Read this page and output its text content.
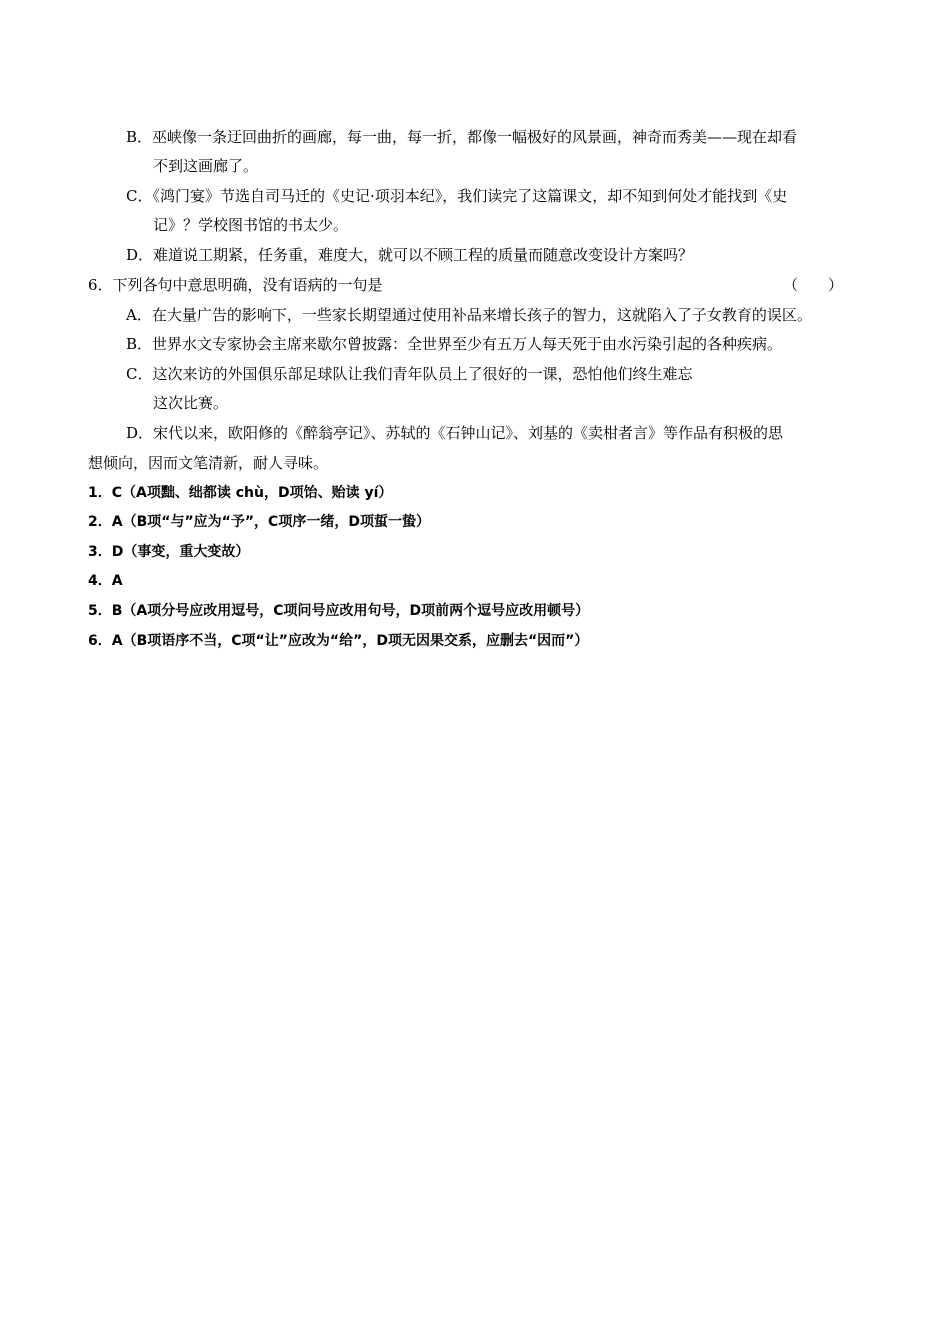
B．巫峡像一条迂回曲折的画廊，每一曲，每一折，都像一幅极好的风景画，神奇而秀美——现在却看
不到这画廊了。
C．《鸿门宴》节选自司马迁的《史记·项羽本纪》，我们读完了这篇课文，却不知到何处才能找到《史
记》？学校图书馆的书太少。
D．难道说工期紧，任务重，难度大，就可以不顾工程的质量而随意改变设计方案吗？
6．下列各句中意思明确，没有语病的一句是	（　　）
A．在大量广告的影响下，一些家长期望通过使用补品来增长孩子的智力，这就陷入了子女教育的误区。
B．世界水文专家协会主席来歇尔曾披露：全世界至少有五万人每天死于由水污染引起的各种疾病。
C．这次来访的外国俱乐部足球队让我们青年队员上了很好的一课，恐怕他们终生难忘
这次比赛。
D．宋代以来，欧阳修的《醉翁亭记》、苏轼的《石钟山记》、刘基的《卖柑者言》等作品有积极的思
想倾向，因而文笔清新，耐人寻味。
1．C（A项黜、绌都读 chù，D项饴、贻读 yí）
2．A（B项“与”应为“予”，C项序一绪，D项蜇一蛰）
3．D（事变，重大变故）
4．A
5．B（A项分号应改用逗号，C项问号应改用句号，D项前两个逗号应改用顿号）
6．A（B项语序不当，C项“让”应改为“给”，D项无因果交系，应删去“因而”）
